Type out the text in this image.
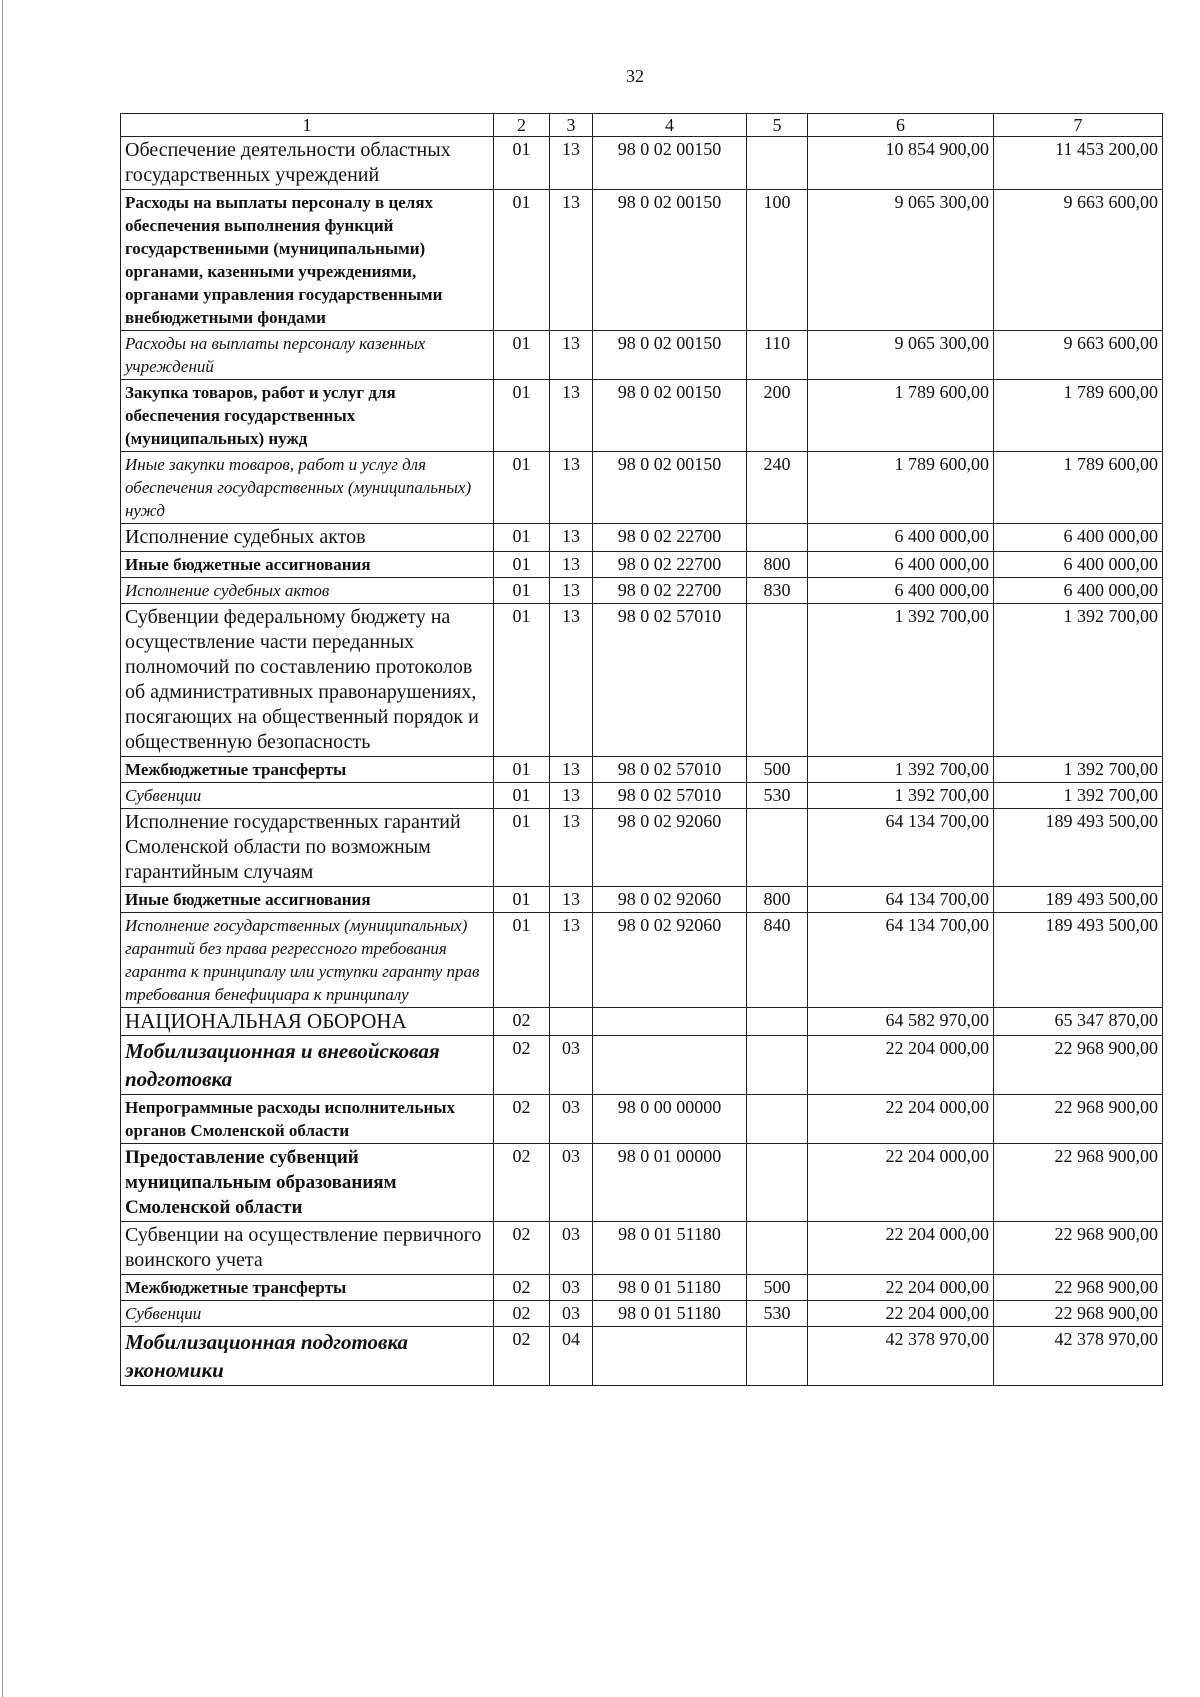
32
1	2	3	4	5	6	7
Обеспечение деятельности областных государственных учреждений	01	13	98 0 02 00150		10 854 900,00	11 453 200,00
Расходы на выплаты персоналу в целях обеспечения выполнения функций государственными (муниципальными) органами, казенными учреждениями, органами управления государственными внебюджетными фондами	01	13	98 0 02 00150	100	9 065 300,00	9 663 600,00
Расходы на выплаты персоналу казенных учреждений	01	13	98 0 02 00150	110	9 065 300,00	9 663 600,00
Закупка товаров, работ и услуг для обеспечения государственных (муниципальных) нужд	01	13	98 0 02 00150	200	1 789 600,00	1 789 600,00
Иные закупки товаров, работ и услуг для обеспечения государственных (муниципальных) нужд	01	13	98 0 02 00150	240	1 789 600,00	1 789 600,00
Исполнение судебных актов	01	13	98 0 02 22700		6 400 000,00	6 400 000,00
Иные бюджетные ассигнования	01	13	98 0 02 22700	800	6 400 000,00	6 400 000,00
Исполнение судебных актов	01	13	98 0 02 22700	830	6 400 000,00	6 400 000,00
Субвенции федеральному бюджету на осуществление части переданных полномочий по составлению протоколов об административных правонарушениях, посягающих на общественный порядок и общественную безопасность	01	13	98 0 02 57010		1 392 700,00	1 392 700,00
Межбюджетные трансферты	01	13	98 0 02 57010	500	1 392 700,00	1 392 700,00
Субвенции	01	13	98 0 02 57010	530	1 392 700,00	1 392 700,00
Исполнение государственных гарантий Смоленской области по возможным гарантийным случаям	01	13	98 0 02 92060		64 134 700,00	189 493 500,00
Иные бюджетные ассигнования	01	13	98 0 02 92060	800	64 134 700,00	189 493 500,00
Исполнение государственных (муниципальных) гарантий без права регрессного требования гаранта к принципалу или уступки гаранту прав требования бенефициара к принципалу	01	13	98 0 02 92060	840	64 134 700,00	189 493 500,00
НАЦИОНАЛЬНАЯ ОБОРОНА	02				64 582 970,00	65 347 870,00
Мобилизационная и вневойсковая подготовка	02	03			22 204 000,00	22 968 900,00
Непрограммные расходы исполнительных органов Смоленской области	02	03	98 0 00 00000		22 204 000,00	22 968 900,00
Предоставление субвенций муниципальным образованиям Смоленской области	02	03	98 0 01 00000		22 204 000,00	22 968 900,00
Субвенции на осуществление первичного воинского учета	02	03	98 0 01 51180		22 204 000,00	22 968 900,00
Межбюджетные трансферты	02	03	98 0 01 51180	500	22 204 000,00	22 968 900,00
Субвенции	02	03	98 0 01 51180	530	22 204 000,00	22 968 900,00
Мобилизационная подготовка экономики	02	04			42 378 970,00	42 378 970,00
